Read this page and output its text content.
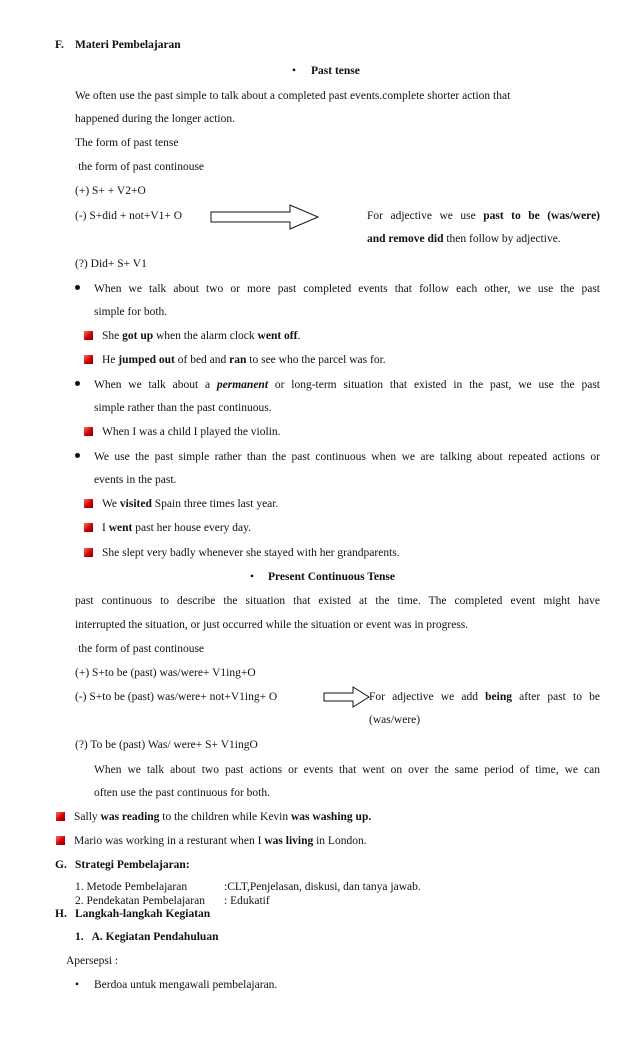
F. Materi Pembelajaran
• Past tense
We often use the past simple to talk about a completed past events.complete shorter action that
happened during the longer action.
The form of past tense
▫the form of past continouse
(+) S+ + V2+O
(-) S+did + not+V1+ O	For adjective we use past to be (was/were)
and remove did then follow by adjective.
(?) Did+ S+ V1
When we talk about two or more past completed events that follow each other, we use the past
simple for both.
She got up when the alarm clock went off.
He jumped out of bed and ran to see who the parcel was for.
When we talk about a permanent or long-term situation that existed in the past, we use the past
simple rather than the past continuous.
When I was a child I played the violin.
We use the past simple rather than the past continuous when we are talking about repeated actions or
events in the past.
We visited Spain three times last year.
I went past her house every day.
She slept very badly whenever she stayed with her grandparents.
• Present Continuous Tense
past continuous to describe the situation that existed at the time. The completed event might have
interrupted the situation, or just occurred while the situation or event was in progress.
▫the form of past continouse
(+) S+to be (past) was/were+ V1ing+O
(-) S+to be (past) was/were+ not+V1ing+ O	For adjective we add being after past to be
(was/were)
(?) To be (past) Was/ were+ S+ V1ingO
When we talk about two past actions or events that went on over the same period of time, we can
often use the past continuous for both.
Sally was reading to the children while Kevin was washing up.
Mario was working in a resturant when I was living in London.
G. Strategi Pembelajaran:
1. Metode Pembelajaran	:CLT,Penjelasan, diskusi, dan tanya jawab.
2. Pendekatan Pembelajaran : Edukatif
H. Langkah-langkah Kegiatan
1.   A. Kegiatan Pendahuluan
Apersepsi :
• Berdoa untuk mengawali pembelajaran.
